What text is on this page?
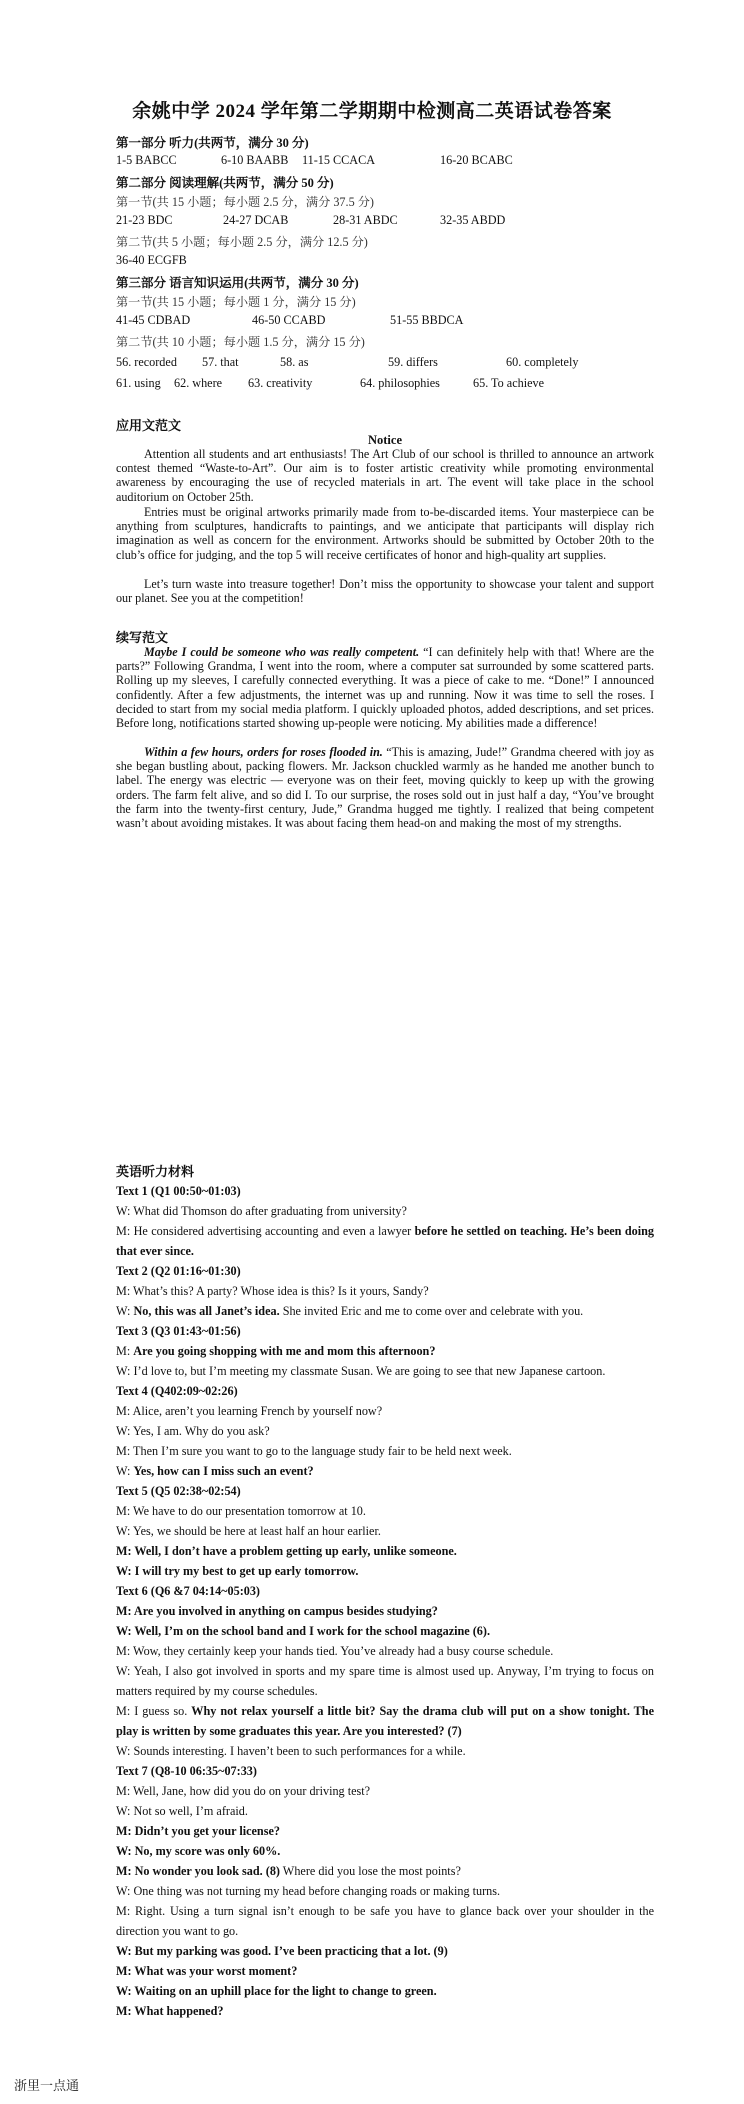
余姚中学 2024 学年第二学期期中检测高二英语试卷答案
第一部分 听力(共两节，满分 30 分)
1-5 BABCC	6-10 BAABB 11-15 CCACA	16-20 BCABC
第二部分 阅读理解(共两节，满分 50 分)
第一节(共 15 小题；每小题 2.5 分，满分 37.5 分)
21-23 BDC	24-27 DCAB	28-31 ABDC	32-35 ABDD
第二节(共 5 小题；每小题 2.5 分，满分 12.5 分)
36-40 ECGFB
第三部分 语言知识运用(共两节，满分 30 分)
第一节(共 15 小题；每小题 1 分，满分 15 分)
41-45 CDBAD	46-50 CCABD	51-55 BBDCA
第二节(共 10 小题；每小题 1.5 分，满分 15 分)
56. recorded 57. that	58. as	59. differs	60. completely
61. using 62. where 63. creativity	64. philosophies	65. To achieve
应用文范文
Notice

Attention all students and art enthusiasts! The Art Club of our school is thrilled to announce an artwork contest themed “Waste-to-Art”. Our aim is to foster artistic creativity while promoting environmental awareness by encouraging the use of recycled materials in art. The event will take place in the school auditorium on October 25th.

Entries must be original artworks primarily made from to-be-discarded items. Your masterpiece can be anything from sculptures, handicrafts to paintings, and we anticipate that participants will display rich imagination as well as concern for the environment. Artworks should be submitted by October 20th to the club’s office for judging, and the top 5 will receive certificates of honor and high-quality art supplies.

Let’s turn waste into treasure together! Don’t miss the opportunity to showcase your talent and support our planet. See you at the competition!

续写范文

Maybe I could be someone who was really competent. “I can definitely help with that! Where are the parts?” Following Grandma, I went into the room, where a computer sat surrounded by some scattered parts. Rolling up my sleeves, I carefully connected everything. It was a piece of cake to me. “Done!” I announced confidently. After a few adjustments, the internet was up and running. Now it was time to sell the roses. I decided to start from my social media platform. I quickly uploaded photos, added descriptions, and set prices. Before long, notifications started showing up-people were noticing. My abilities made a difference!

Within a few hours, orders for roses flooded in. “This is amazing, Jude!” Grandma cheered with joy as she began bustling about, packing flowers. Mr. Jackson chuckled warmly as he handed me another bunch to label. The energy was electric — everyone was on their feet, moving quickly to keep up with the growing orders. The farm felt alive, and so did I. To our surprise, the roses sold out in just half a day, “You’ve brought the farm into the twenty-first century, Jude,” Grandma hugged me tightly. I realized that being competent wasn’t about avoiding mistakes. It was about facing them head-on and making the most of my strengths.

英语听力材料

Text 1 (Q1 00:50~01:03)

W: What did Thomson do after graduating from university?

M: He considered advertising accounting and even a lawyer before he settled on teaching. He’s been doing that ever since.

Text 2 (Q2 01:16~01:30)

M: What’s this? A party? Whose idea is this? Is it yours, Sandy?

W: No, this was all Janet’s idea. She invited Eric and me to come over and celebrate with you.

Text 3 (Q3 01:43~01:56)

M: Are you going shopping with me and mom this afternoon?

W: I’d love to, but I’m meeting my classmate Susan. We are going to see that new Japanese cartoon.

Text 4 (Q402:09~02:26)

M: Alice, aren’t you learning French by yourself now?

W: Yes, I am. Why do you ask?

M: Then I’m sure you want to go to the language study fair to be held next week.

W: Yes, how can I miss such an event?

Text 5 (Q5 02:38~02:54)

M: We have to do our presentation tomorrow at 10.

W: Yes, we should be here at least half an hour earlier.

M: Well, I don’t have a problem getting up early, unlike someone.

W: I will try my best to get up early tomorrow.

Text 6 (Q6 &7 04:14~05:03)

M: Are you involved in anything on campus besides studying?

W: Well, I’m on the school band and I work for the school magazine (6).

M: Wow, they certainly keep your hands tied. You’ve already had a busy course schedule.

W: Yeah, I also got involved in sports and my spare time is almost used up. Anyway, I’m trying to focus on matters required by my course schedules.

M: I guess so. Why not relax yourself a little bit? Say the drama club will put on a show tonight. The play is written by some graduates this year. Are you interested? (7)

W: Sounds interesting. I haven’t been to such performances for a while.

Text 7 (Q8-10 06:35~07:33)

M: Well, Jane, how did you do on your driving test?

W: Not so well, I’m afraid.

M: Didn’t you get your license?

W: No, my score was only 60%.

M: No wonder you look sad. (8) Where did you lose the most points?

W: One thing was not turning my head before changing roads or making turns.

M: Right. Using a turn signal isn’t enough to be safe you have to glance back over your shoulder in the direction you want to go.

W: But my parking was good. I’ve been practicing that a lot. (9)

M: What was your worst moment?

W: Waiting on an uphill place for the light to change to green.

M: What happened?

浙里一点通
